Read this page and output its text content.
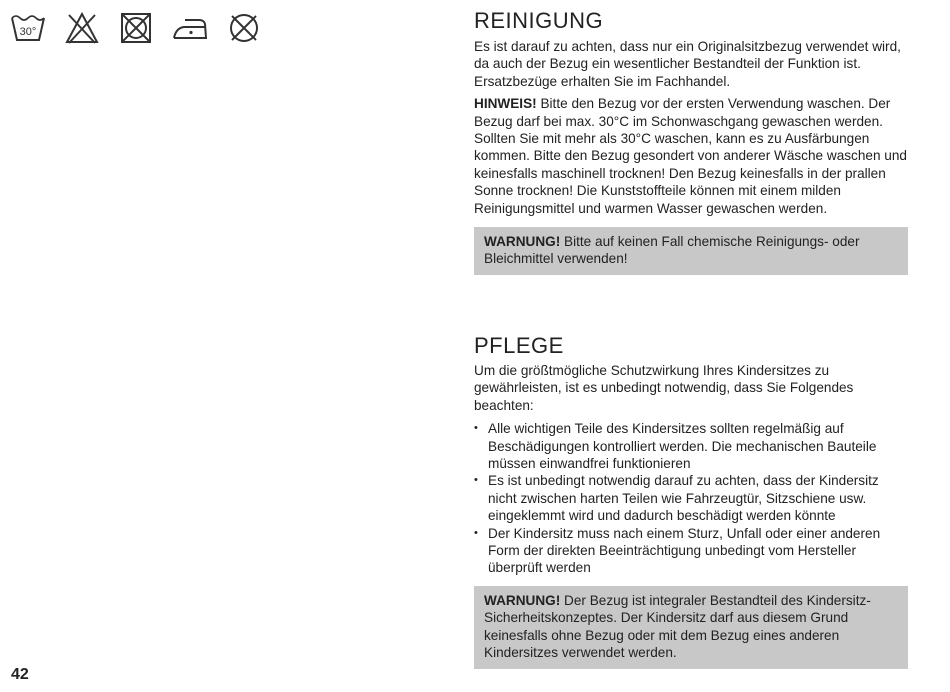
30°	REINIGUNG

Es ist darauf zu achten, dass nur ein Originalsitzbezug verwendet wird, da auch der Bezug ein wesentlicher Bestandteil der Funktion ist. Ersatzbezüge erhalten Sie im Fachhandel.

HINWEIS! Bitte den Bezug vor der ersten Verwendung waschen. Der Bezug darf bei max. 30°C im Schonwaschgang gewaschen werden. Sollten Sie mit mehr als 30°C waschen, kann es zu Ausfärbungen kommen. Bitte den Bezug gesondert von anderer Wäsche waschen und keinesfalls maschinell trocknen! Den Bezug keinesfalls in der prallen Sonne trocknen! Die Kunststoffteile können mit einem milden Reinigungsmittel und warmen Wasser gewaschen werden.

WARNUNG! Bitte auf keinen Fall chemische Reinigungs- oder Bleichmittel verwenden!
PFLEGE

Um die größtmögliche Schutzwirkung Ihres Kindersitzes zu gewährleisten, ist es unbedingt notwendig, dass Sie Folgendes beachten:

• Alle wichtigen Teile des Kindersitzes sollten regelmäßig auf Beschädigungen kontrolliert werden. Die mechanischen Bauteile müssen einwandfrei funktionieren
• Es ist unbedingt notwendig darauf zu achten, dass der Kindersitz nicht zwischen harten Teilen wie Fahrzeugtür, Sitzschiene usw. eingeklemmt wird und dadurch beschädigt werden könnte
• Der Kindersitz muss nach einem Sturz, Unfall oder einer anderen Form der direkten Beeinträchtigung unbedingt vom Hersteller überprüft werden
WARNUNG! Der Bezug ist integraler Bestandteil des Kindersitz-Sicherheitskonzeptes. Der Kindersitz darf aus diesem Grund keinesfalls ohne Bezug oder mit dem Bezug eines anderen Kindersitzes verwendet werden.
42
